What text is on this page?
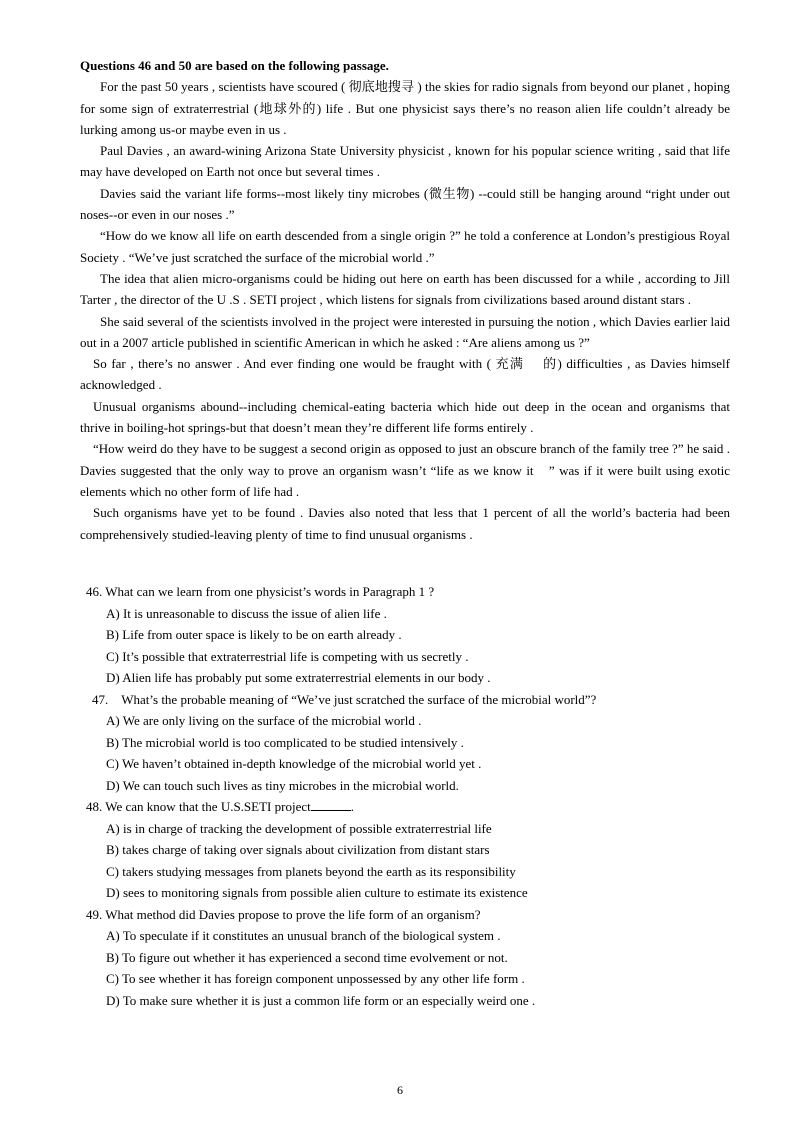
Questions 46 and 50 are based on the following passage.

For the past 50 years , scientists have scoured ( 彻底地搜寻 ) the skies for radio signals from beyond our planet , hoping for some sign of extraterrestrial (地球外的) life . But one physicist says there’s no reason alien life couldn’t already be lurking among us-or maybe even in us .

Paul Davies , an award-wining Arizona State University physicist , known for his popular science writing , said that life may have developed on Earth not once but several times .

Davies said the variant life forms--most likely tiny microbes (微生物) --could still be hanging around “right under out noses--or even in our noses .”

“How do we know all life on earth descended from a single origin ?” he told a conference at London’s prestigious Royal Society . “We’ve just scratched the surface of the microbial world .”

The idea that alien micro-organisms could be hiding out here on earth has been discussed for a while , according to Jill Tarter , the director of the U .S . SETI project , which listens for signals from civilizations based around distant stars .

She said several of the scientists involved in the project were interested in pursuing the notion , which Davies earlier laid out in a 2007 article published in scientific American in which he asked : “Are aliens among us ?”

So far , there’s no answer . And ever finding one would be fraught with ( 充满　 的) difficulties , as Davies himself acknowledged .

Unusual organisms abound--including chemical-eating bacteria which hide out deep in the ocean and organisms that thrive in boiling-hot springs-but that doesn’t mean they’re different life forms entirely .

“How weird do they have to be suggest a second origin as opposed to just an obscure branch of the family tree ?” he said . Davies suggested that the only way to prove an organism wasn’t “life as we know it　” was if it were built using exotic elements which no other form of life had .

Such organisms have yet to be found . Davies also noted that less that 1 percent of all the world’s bacteria had been comprehensively studied-leaving plenty of time to find unusual organisms .

46. What can we learn from one physicist’s words in Paragraph 1 ?

A) It is unreasonable to discuss the issue of alien life .

B) Life from outer space is likely to be on earth already .

C) It’s possible that extraterrestrial life is competing with us secretly .

D) Alien life has probably put some extraterrestrial elements in our body .

47.　What’s the probable meaning of “We’ve just scratched the surface of the microbial world”?

A) We are only living on the surface of the microbial world .

B) The microbial world is too complicated to be studied intensively .

C) We haven’t obtained in-depth knowledge of the microbial world yet .

D) We can touch such lives as tiny microbes in the microbial world.

48. We can know that the U.S.SETI project	.

A) is in charge of tracking the development of possible extraterrestrial life

B) takes charge of taking over signals about civilization from distant stars

C) takers studying messages from planets beyond the earth as its responsibility

D) sees to monitoring signals from possible alien culture to estimate its existence

49. What method did Davies propose to prove the life form of an organism?

A) To speculate if it constitutes an unusual branch of the biological system .

B) To figure out whether it has experienced a second time evolvement or not.

C) To see whether it has foreign component unpossessed by any other life form .

D) To make sure whether it is just a common life form or an especially weird one .

6
